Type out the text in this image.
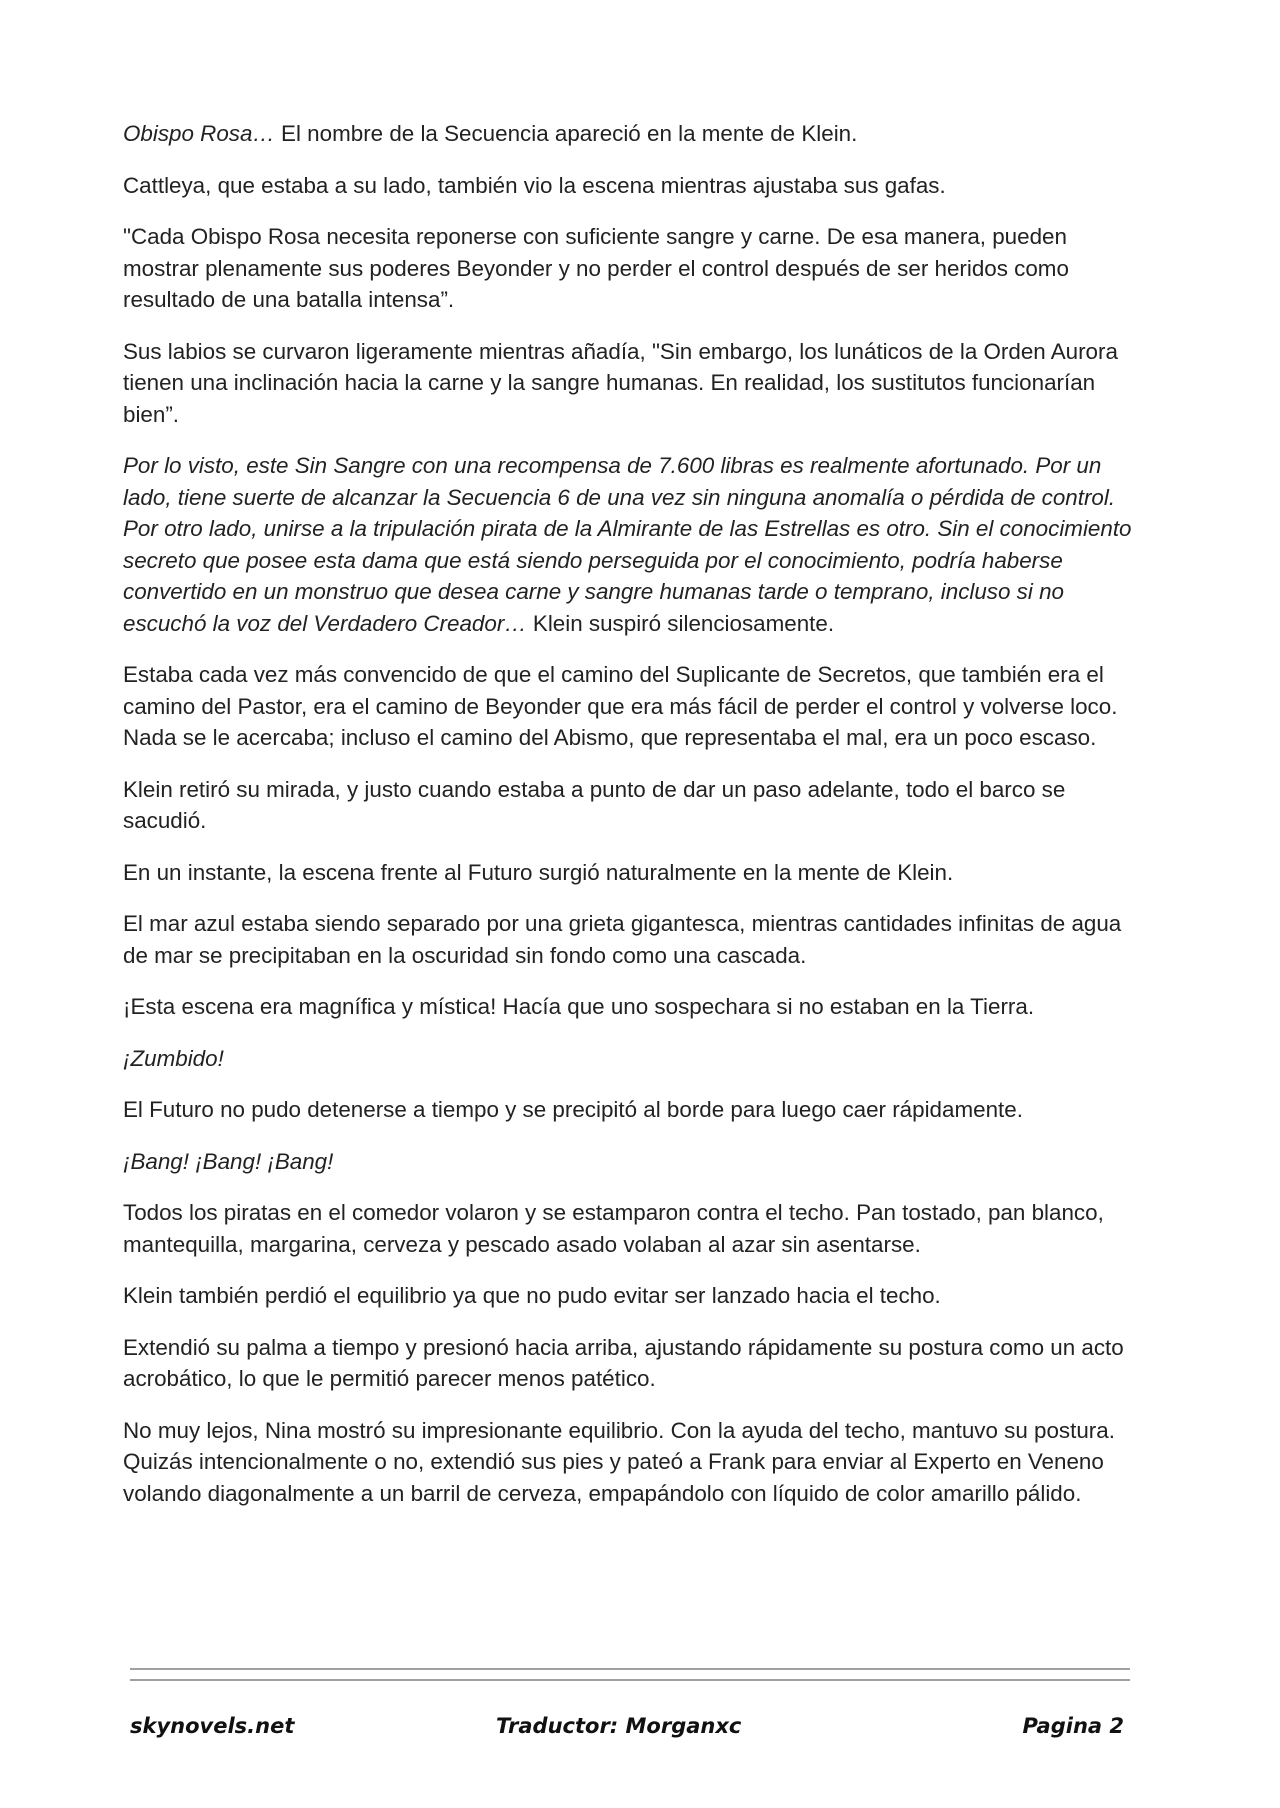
Obispo Rosa… El nombre de la Secuencia apareció en la mente de Klein.

Cattleya, que estaba a su lado, también vio la escena mientras ajustaba sus gafas.

"Cada Obispo Rosa necesita reponerse con suficiente sangre y carne. De esa manera, pueden mostrar plenamente sus poderes Beyonder y no perder el control después de ser heridos como resultado de una batalla intensa”.

Sus labios se curvaron ligeramente mientras añadía, "Sin embargo, los lunáticos de la Orden Aurora tienen una inclinación hacia la carne y la sangre humanas. En realidad, los sustitutos funcionarían bien”.

Por lo visto, este Sin Sangre con una recompensa de 7.600 libras es realmente afortunado. Por un lado, tiene suerte de alcanzar la Secuencia 6 de una vez sin ninguna anomalía o pérdida de control. Por otro lado, unirse a la tripulación pirata de la Almirante de las Estrellas es otro. Sin el conocimiento secreto que posee esta dama que está siendo perseguida por el conocimiento, podría haberse convertido en un monstruo que desea carne y sangre humanas tarde o temprano, incluso si no escuchó la voz del Verdadero Creador… Klein suspiró silenciosamente.

Estaba cada vez más convencido de que el camino del Suplicante de Secretos, que también era el camino del Pastor, era el camino de Beyonder que era más fácil de perder el control y volverse loco. Nada se le acercaba; incluso el camino del Abismo, que representaba el mal, era un poco escaso.

Klein retiró su mirada, y justo cuando estaba a punto de dar un paso adelante, todo el barco se sacudió.

En un instante, la escena frente al Futuro surgió naturalmente en la mente de Klein.

El mar azul estaba siendo separado por una grieta gigantesca, mientras cantidades infinitas de agua de mar se precipitaban en la oscuridad sin fondo como una cascada.

¡Esta escena era magnífica y mística! Hacía que uno sospechara si no estaban en la Tierra.

¡Zumbido!

El Futuro no pudo detenerse a tiempo y se precipitó al borde para luego caer rápidamente.

¡Bang! ¡Bang! ¡Bang!

Todos los piratas en el comedor volaron y se estamparon contra el techo. Pan tostado, pan blanco, mantequilla, margarina, cerveza y pescado asado volaban al azar sin asentarse.

Klein también perdió el equilibrio ya que no pudo evitar ser lanzado hacia el techo.

Extendió su palma a tiempo y presionó hacia arriba, ajustando rápidamente su postura como un acto acrobático, lo que le permitió parecer menos patético.

No muy lejos, Nina mostró su impresionante equilibrio. Con la ayuda del techo, mantuvo su postura. Quizás intencionalmente o no, extendió sus pies y pateó a Frank para enviar al Experto en Veneno volando diagonalmente a un barril de cerveza, empapándolo con líquido de color amarillo pálido.

skynovels.net	Traductor: Morganxc	Pagina 2
